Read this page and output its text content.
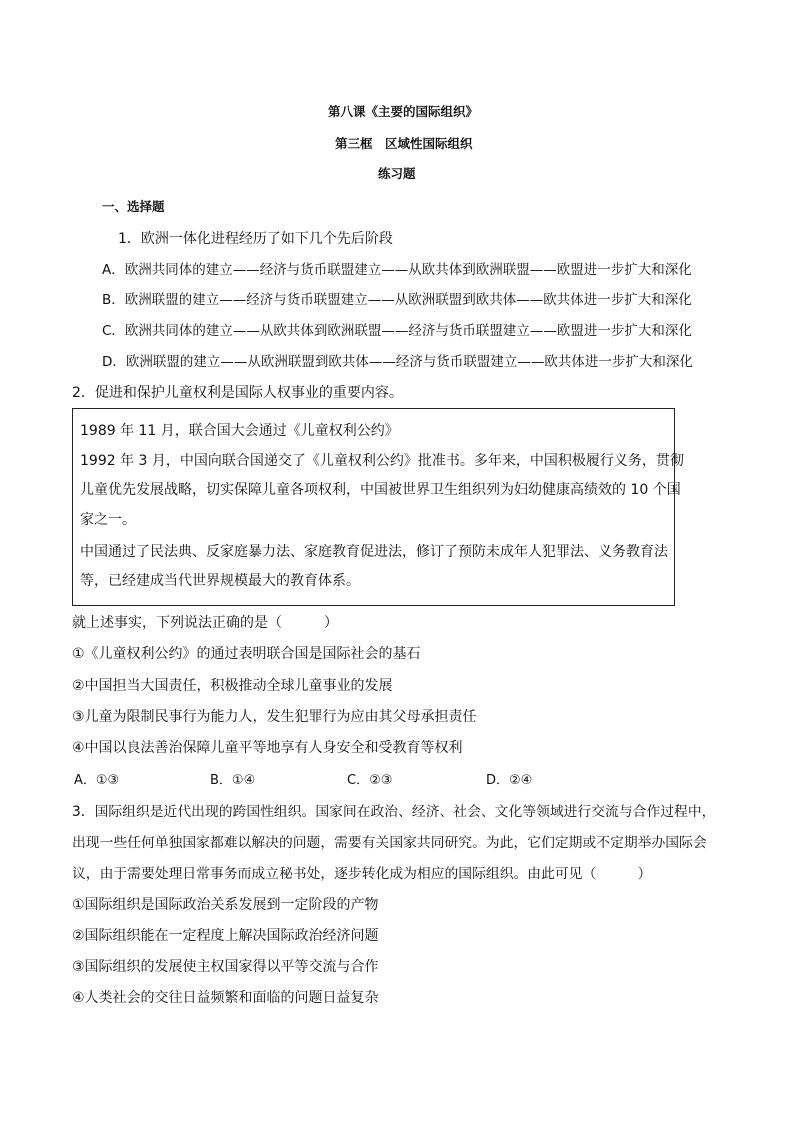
第八课《主要的国际组织》
第三框　区域性国际组织
练习题
一、选择题
1．欧洲一体化进程经历了如下几个先后阶段
A．欧洲共同体的建立——经济与货币联盟建立——从欧共体到欧洲联盟——欧盟进一步扩大和深化
B．欧洲联盟的建立——经济与货币联盟建立——从欧洲联盟到欧共体——欧共体进一步扩大和深化
C．欧洲共同体的建立——从欧共体到欧洲联盟——经济与货币联盟建立——欧盟进一步扩大和深化
D．欧洲联盟的建立——从欧洲联盟到欧共体——经济与货币联盟建立——欧共体进一步扩大和深化
2．促进和保护儿童权利是国际人权事业的重要内容。
1989 年 11 月，联合国大会通过《儿童权利公约》
1992 年 3 月，中国向联合国递交了《儿童权利公约》批准书。多年来，中国积极履行义务，贯彻
儿童优先发展战略，切实保障儿童各项权利，中国被世界卫生组织列为妇幼健康高绩效的 10 个国
家之一。
中国通过了民法典、反家庭暴力法、家庭教育促进法，修订了预防未成年人犯罪法、义务教育法
等，已经建成当代世界规模最大的教育体系。
就上述事实，下列说法正确的是（　　　）
①《儿童权利公约》的通过表明联合国是国际社会的基石
②中国担当大国责任，积极推动全球儿童事业的发展
③儿童为限制民事行为能力人，发生犯罪行为应由其父母承担责任
④中国以良法善治保障儿童平等地享有人身安全和受教育等权利
A．①③	B．①④	C．②③	D．②④
3．国际组织是近代出现的跨国性组织。国家间在政治、经济、社会、文化等领域进行交流与合作过程中，
出现一些任何单独国家都难以解决的问题，需要有关国家共同研究。为此，它们定期或不定期举办国际会
议，由于需要处理日常事务而成立秘书处，逐步转化成为相应的国际组织。由此可见（　　　）
①国际组织是国际政治关系发展到一定阶段的产物
②国际组织能在一定程度上解决国际政治经济问题
③国际组织的发展使主权国家得以平等交流与合作
④人类社会的交往日益频繁和面临的问题日益复杂
